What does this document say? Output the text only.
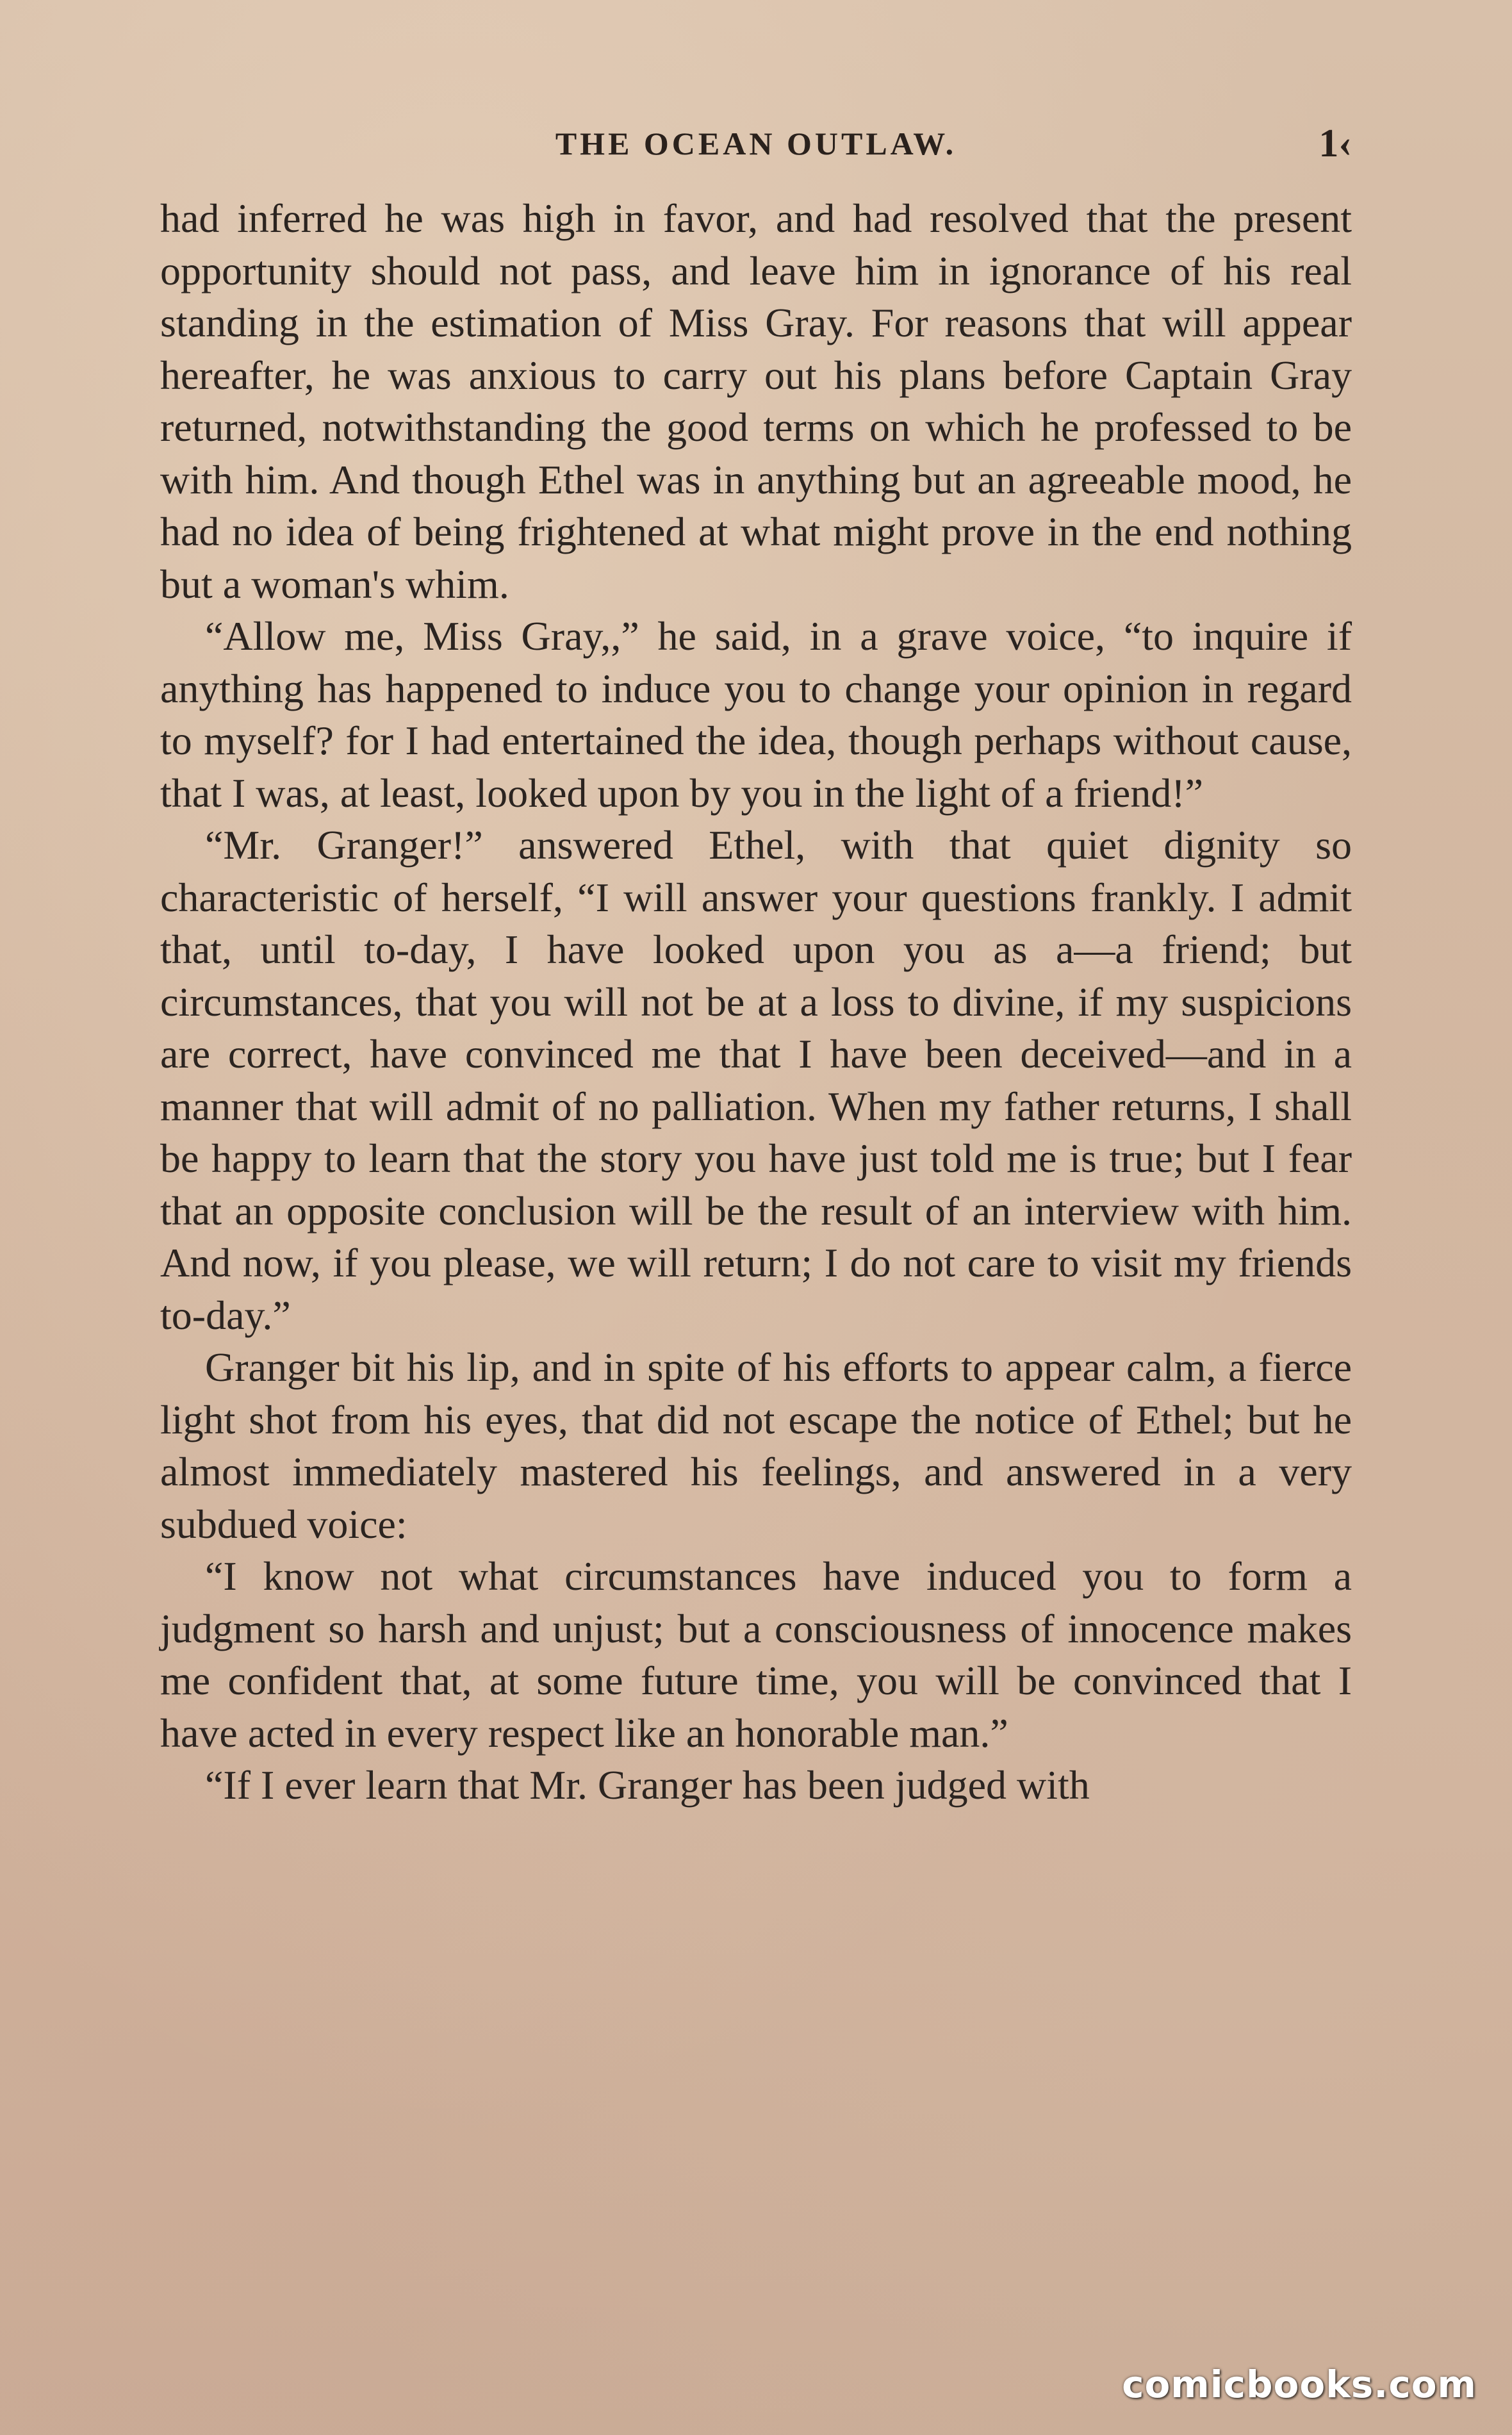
THE OCEAN OUTLAW.	1‹

had inferred he was high in favor, and had resolved that the present opportunity should not pass, and leave him in ignorance of his real standing in the estimation of Miss Gray. For reasons that will appear hereafter, he was anxious to carry out his plans before Captain Gray returned, notwithstanding the good terms on which he professed to be with him. And though Ethel was in anything but an agreeable mood, he had no idea of being frightened at what might prove in the end nothing but a woman's whim.

“Allow me, Miss Gray,,” he said, in a grave voice, “to inquire if anything has happened to induce you to change your opinion in regard to myself? for I had entertained the idea, though perhaps without cause, that I was, at least, looked upon by you in the light of a friend!”

“Mr. Granger!” answered Ethel, with that quiet dignity so characteristic of herself, “I will answer your questions frankly. I admit that, until to-day, I have looked upon you as a—a friend; but circumstances, that you will not be at a loss to divine, if my suspicions are correct, have convinced me that I have been deceived—and in a manner that will admit of no palliation. When my father returns, I shall be happy to learn that the story you have just told me is true; but I fear that an opposite conclusion will be the result of an interview with him. And now, if you please, we will return; I do not care to visit my friends to-day.”

Granger bit his lip, and in spite of his efforts to appear calm, a fierce light shot from his eyes, that did not escape the notice of Ethel; but he almost immediately mastered his feelings, and answered in a very subdued voice:

“I know not what circumstances have induced you to form a judgment so harsh and unjust; but a consciousness of innocence makes me confident that, at some future time, you will be convinced that I have acted in every respect like an honorable man.”

“If I ever learn that Mr. Granger has been judged with

comicbooks.com
